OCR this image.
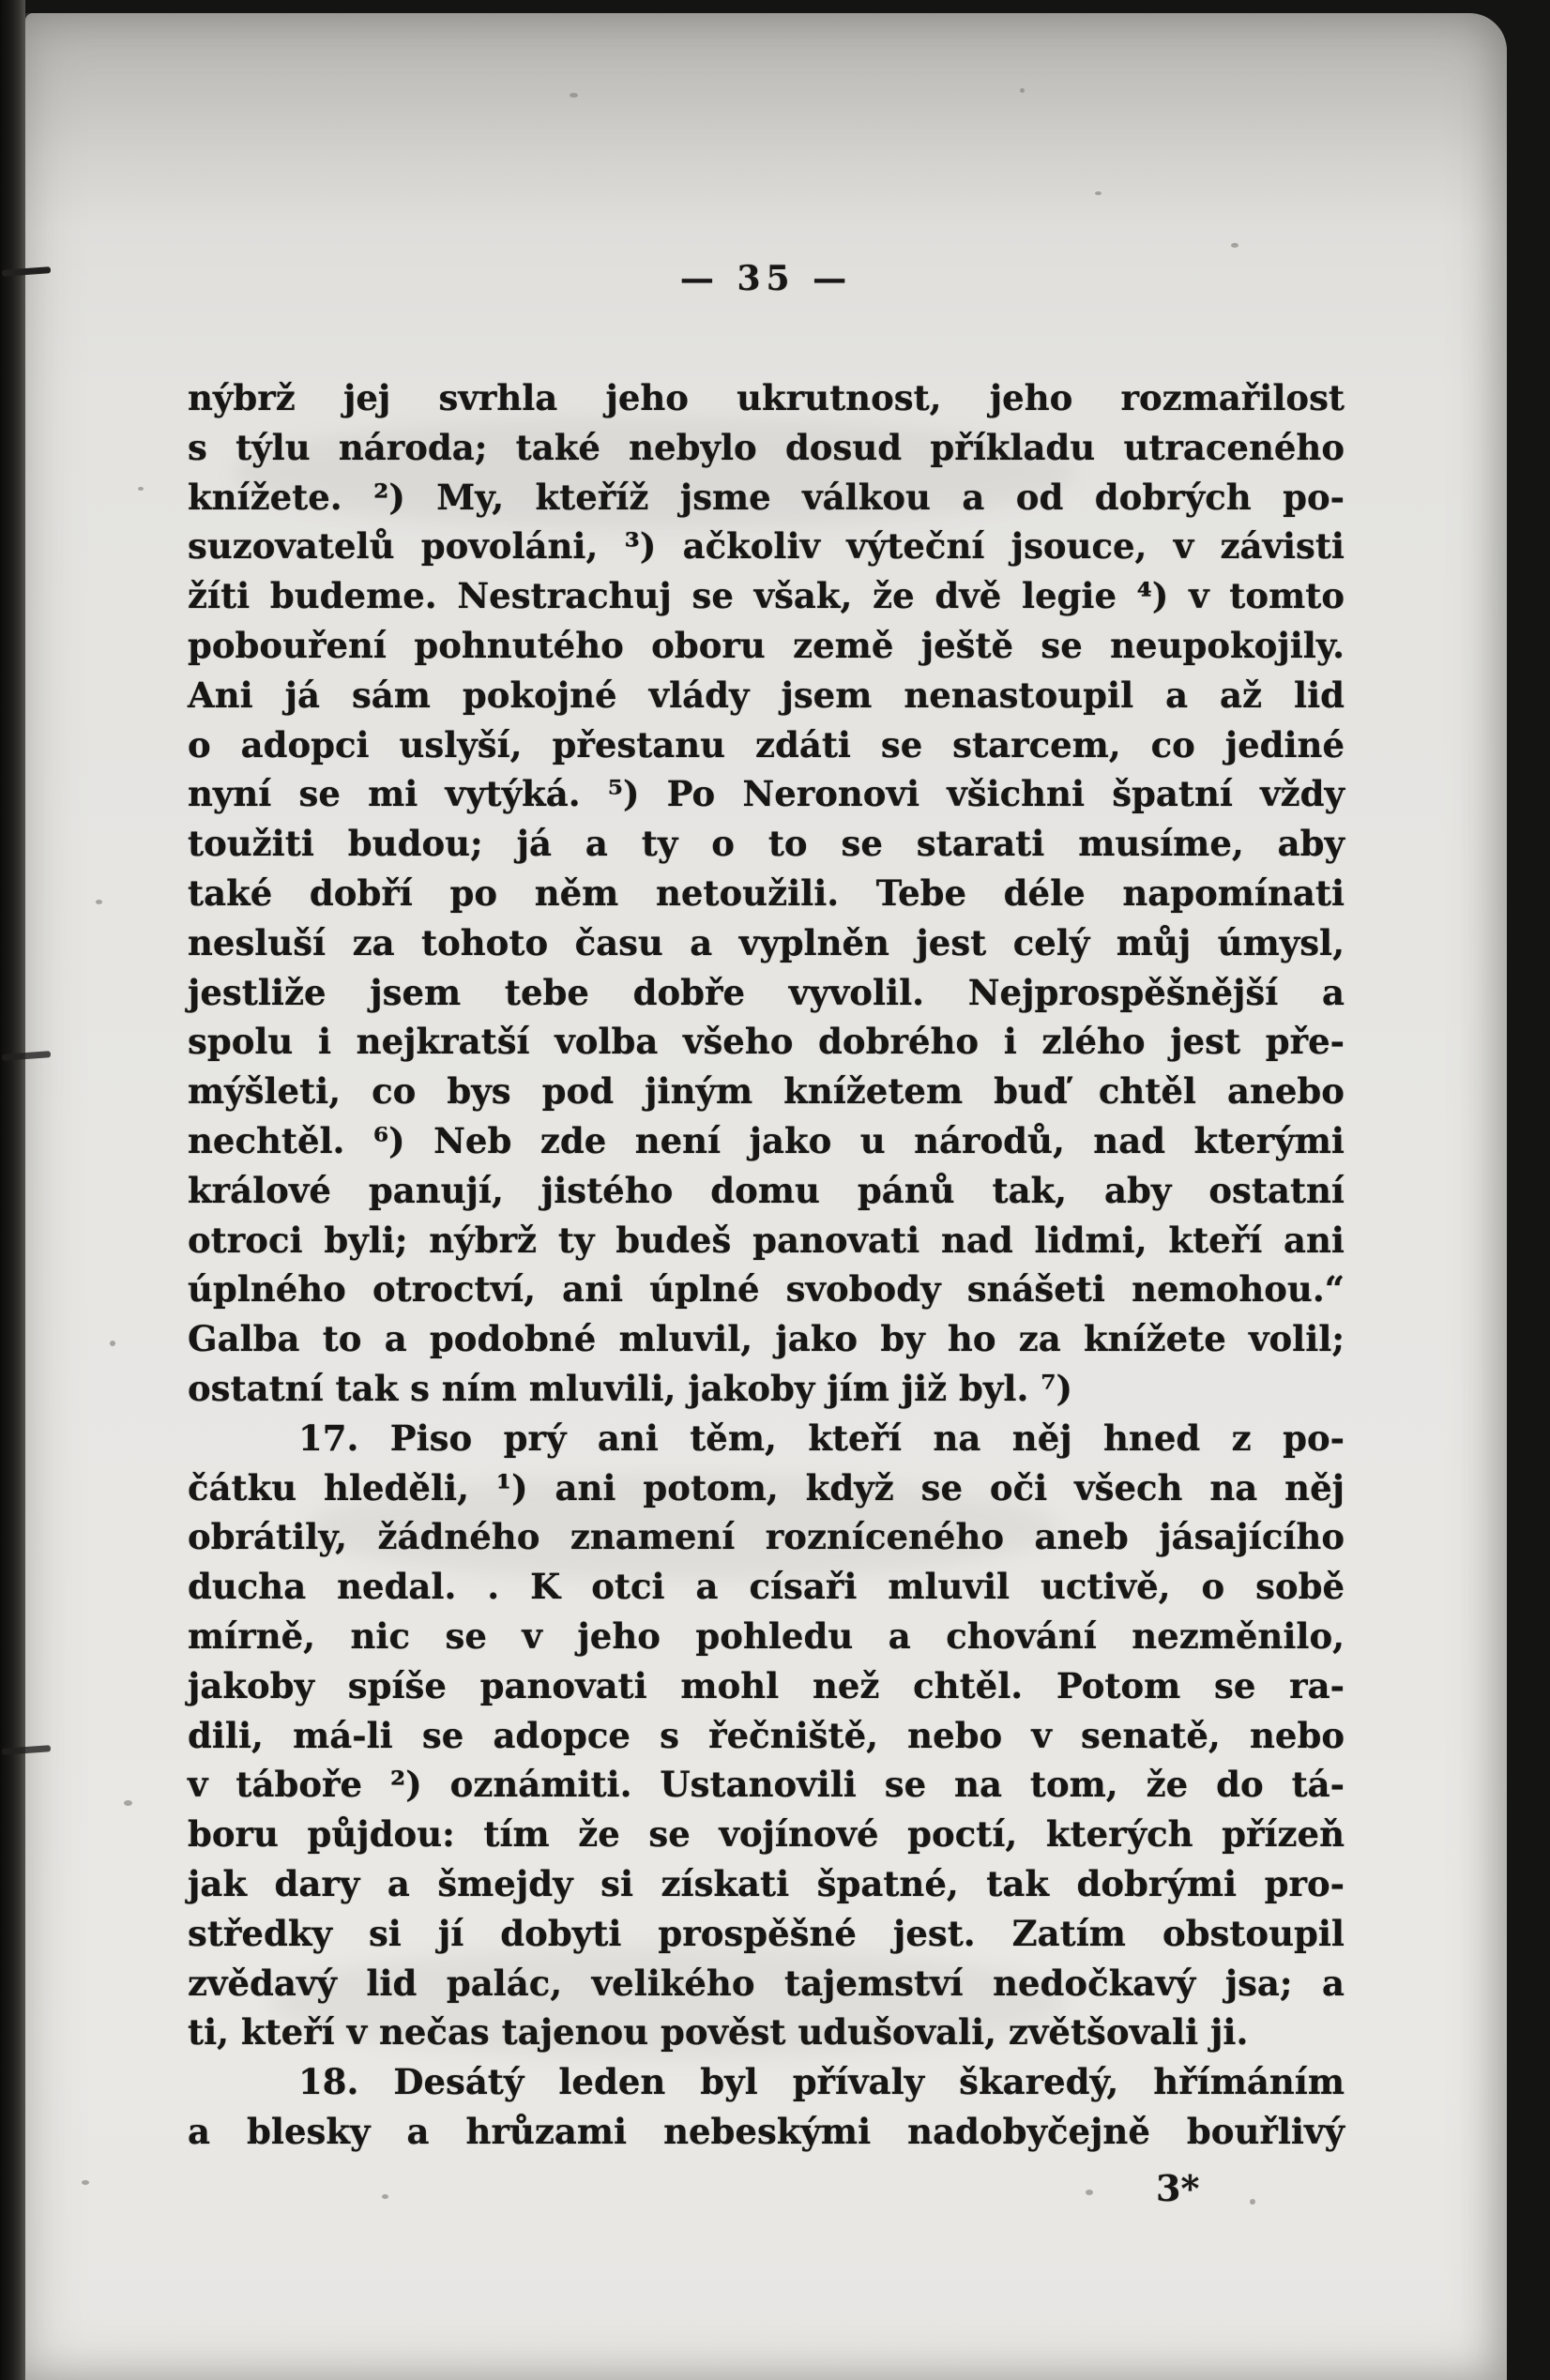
— 35 —
nýbrž jej svrhla jeho ukrutnost, jeho rozmařilost
s týlu národa; také nebylo dosud příkladu utraceného
knížete. ²) My, kteříž jsme válkou a od dobrých po-
suzovatelů povoláni, ³) ačkoliv výteční jsouce, v závisti
žíti budeme. Nestrachuj se však, že dvě legie ⁴) v tomto
pobouření pohnutého oboru země ještě se neupokojily.
Ani já sám pokojné vlády jsem nenastoupil a až lid
o adopci uslyší, přestanu zdáti se starcem, co jediné
nyní se mi vytýká. ⁵) Po Neronovi všichni špatní vždy
toužiti budou; já a ty o to se starati musíme, aby
také dobří po něm netoužili. Tebe déle napomínati
nesluší za tohoto času a vyplněn jest celý můj úmysl,
jestliže jsem tebe dobře vyvolil. Nejprospěšnější a
spolu i nejkratší volba všeho dobrého i zlého jest pře-
mýšleti, co bys pod jiným knížetem buď chtěl anebo
nechtěl. ⁶) Neb zde není jako u národů, nad kterými
králové panují, jistého domu pánů tak, aby ostatní
otroci byli; nýbrž ty budeš panovati nad lidmi, kteří ani
úplného otroctví, ani úplné svobody snášeti nemohou.“
Galba to a podobné mluvil, jako by ho za knížete volil;
ostatní tak s ním mluvili, jakoby jím již byl. ⁷)
17. Piso prý ani těm, kteří na něj hned z po-
čátku hleděli, ¹) ani potom, když se oči všech na něj
obrátily, žádného znamení rozníceného aneb jásajícího
ducha nedal. . K otci a císaři mluvil uctivě, o sobě
mírně, nic se v jeho pohledu a chování nezměnilo,
jakoby spíše panovati mohl než chtěl. Potom se ra-
dili, má-li se adopce s řečniště, nebo v senatě, nebo
v táboře ²) oznámiti. Ustanovili se na tom, že do tá-
boru půjdou: tím že se vojínové poctí, kterých přízeň
jak dary a šmejdy si získati špatné, tak dobrými pro-
středky si jí dobyti prospěšné jest. Zatím obstoupil
zvědavý lid palác, velikého tajemství nedočkavý jsa; a
ti, kteří v nečas tajenou pověst udušovali, zvětšovali ji.
18. Desátý leden byl přívaly škaredý, hřímáním
a blesky a hrůzami nebeskými nadobyčejně bouřlivý
3*
